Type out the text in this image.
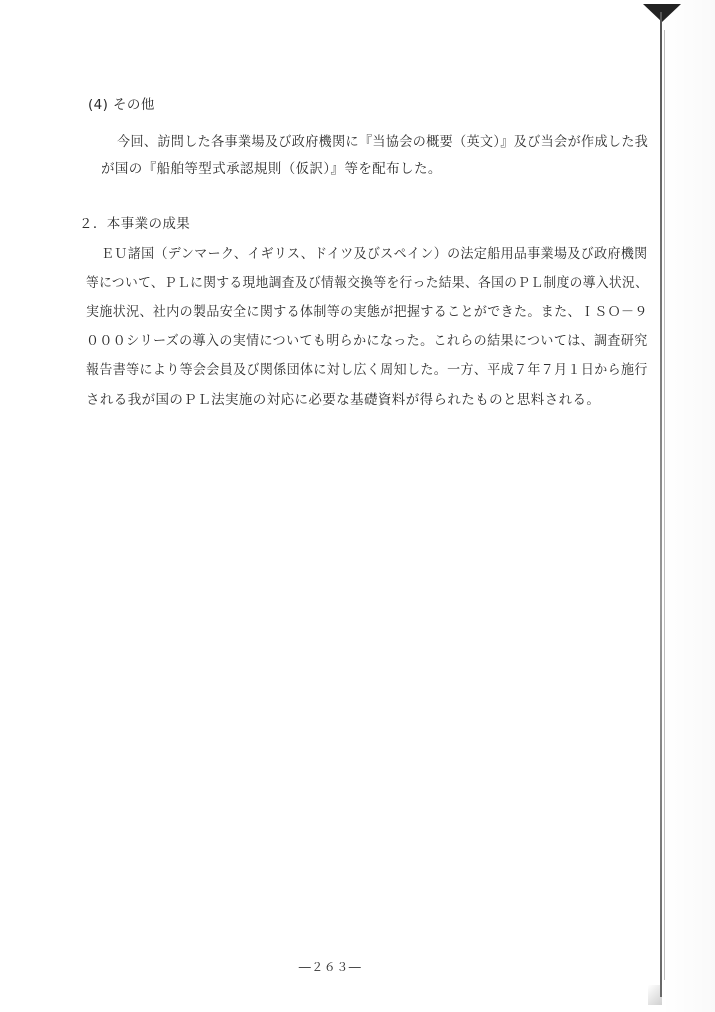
(4) その他
今回、訪問した各事業場及び政府機関に『当協会の概要（英文）』及び当会が作成した我
が国の『船舶等型式承認規則（仮訳）』等を配布した。
２．本事業の成果
ＥＵ諸国（デンマーク、イギリス、ドイツ及びスペイン）の法定船用品事業場及び政府機関
等について、ＰＬに関する現地調査及び情報交換等を行った結果、各国のＰＬ制度の導入状況、
実施状況、社内の製品安全に関する体制等の実態が把握することができた。また、ＩＳＯ－９
０００シリーズの導入の実情についても明らかになった。これらの結果については、調査研究
報告書等により等会会員及び関係団体に対し広く周知した。一方、平成７年７月１日から施行
される我が国のＰＬ法実施の対応に必要な基礎資料が得られたものと思料される。
―２６３―
